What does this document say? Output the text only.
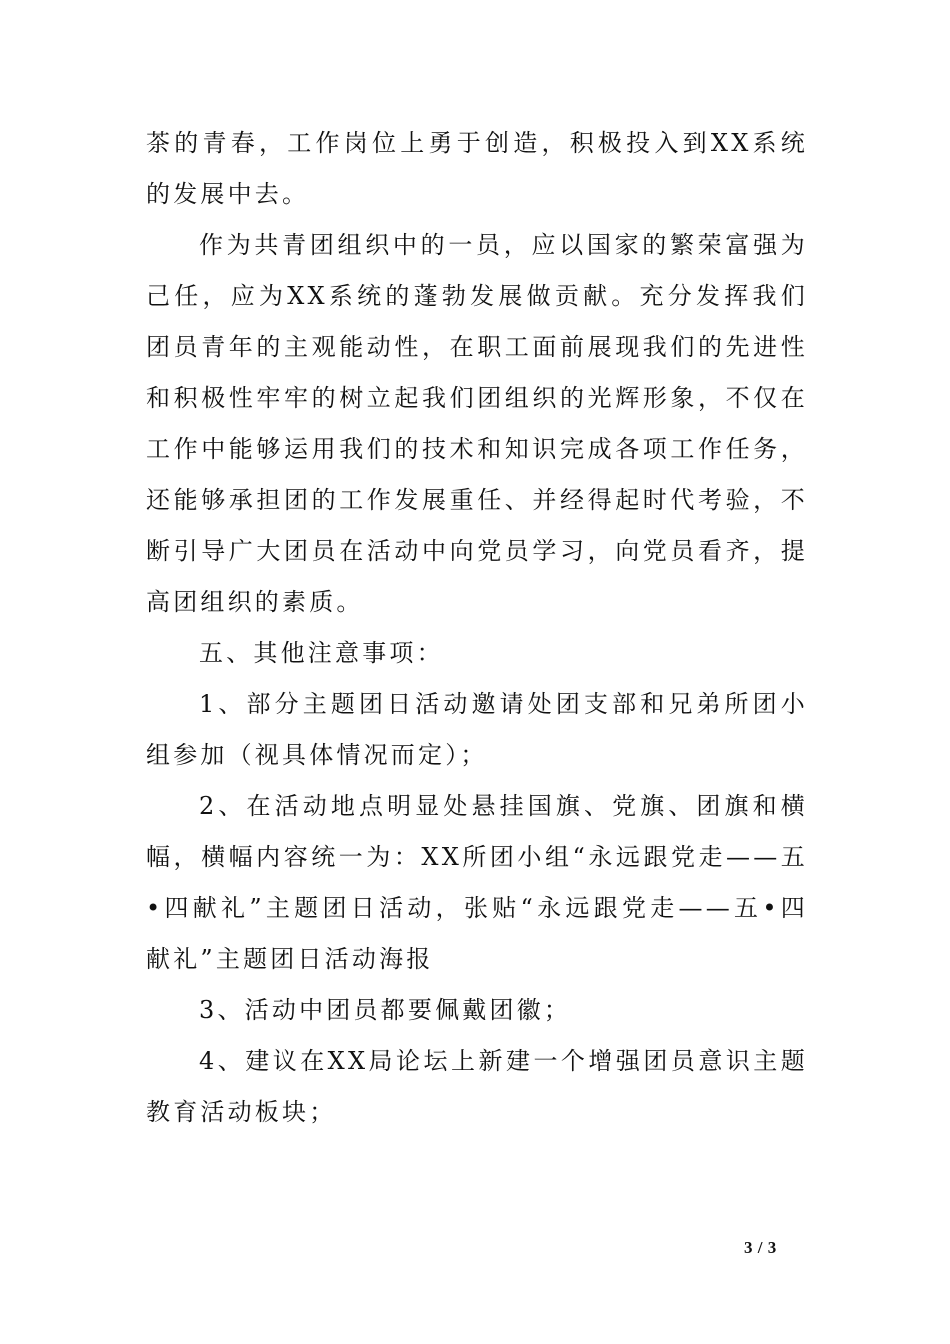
茶的青春，工作岗位上勇于创造，积极投入到XX系统的发展中去。

作为共青团组织中的一员，应以国家的繁荣富强为己任，应为XX系统的蓬勃发展做贡献。充分发挥我们团员青年的主观能动性，在职工面前展现我们的先进性和积极性牢牢的树立起我们团组织的光辉形象，不仅在工作中能够运用我们的技术和知识完成各项工作任务，还能够承担团的工作发展重任、并经得起时代考验，不断引导广大团员在活动中向党员学习，向党员看齐，提高团组织的素质。

五、其他注意事项：

1、部分主题团日活动邀请处团支部和兄弟所团小组参加（视具体情况而定）；

2、在活动地点明显处悬挂国旗、党旗、团旗和横幅，横幅内容统一为：XX所团小组“永远跟党走——五•四献礼”主题团日活动，张贴“永远跟党走——五•四献礼”主题团日活动海报

3、活动中团员都要佩戴团徽；

4、建议在XX局论坛上新建一个增强团员意识主题教育活动板块；

3 / 3
